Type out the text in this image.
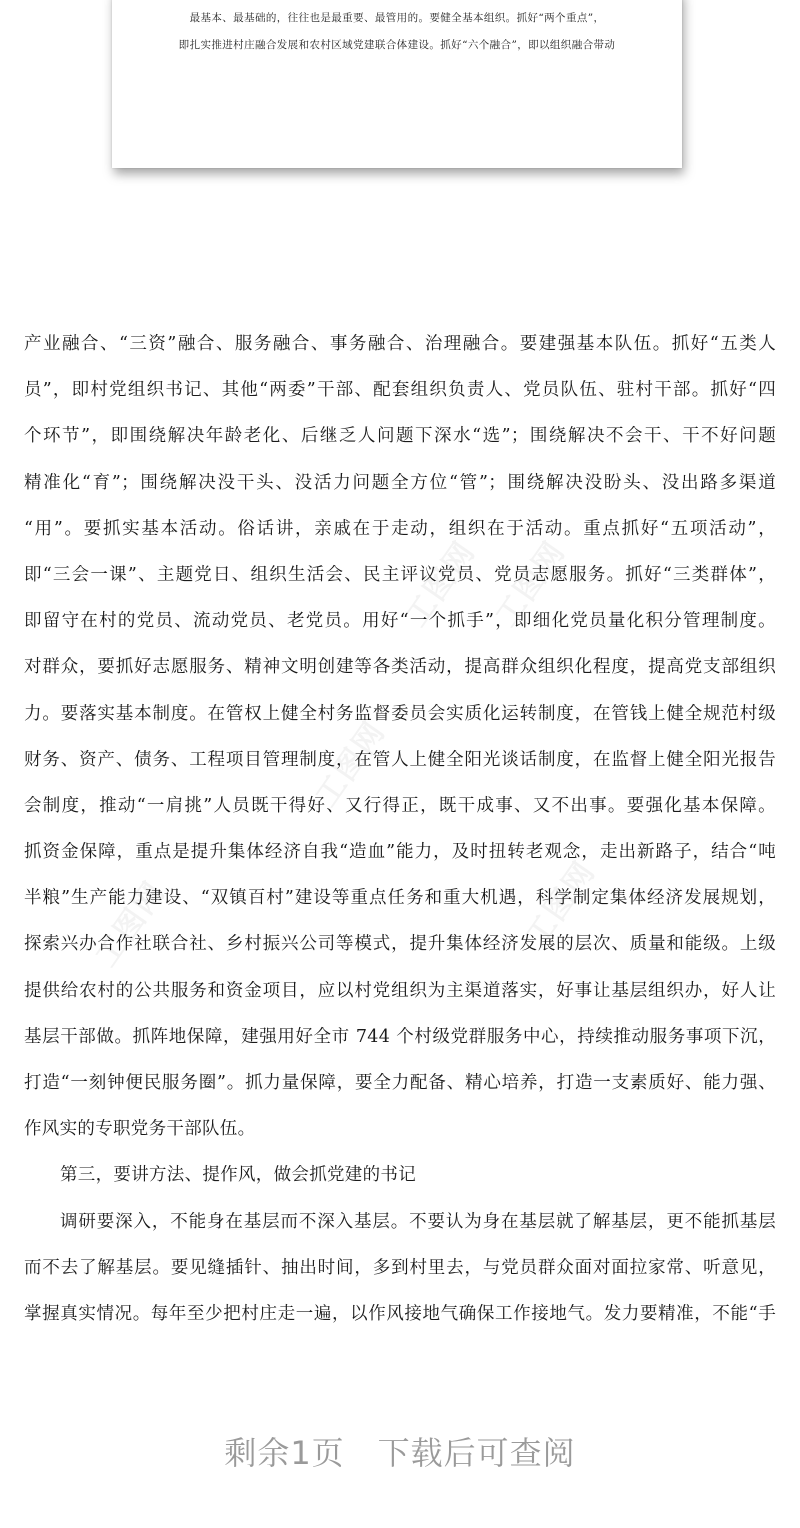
最基本、最基础的，往往也是最重要、最管用的。要健全基本组织。抓好“两个重点”，
即扎实推进村庄融合发展和农村区域党建联合体建设。抓好“六个融合”，即以组织融合带动
工图网 工图网
工图网
工图网	工图网
产业融合、“三资”融合、服务融合、事务融合、治理融合。要建强基本队伍。抓好“五类人
员”，即村党组织书记、其他“两委”干部、配套组织负责人、党员队伍、驻村干部。抓好“四
个环节”，即围绕解决年龄老化、后继乏人问题下深水“选”；围绕解决不会干、干不好问题
精准化“育”；围绕解决没干头、没活力问题全方位“管”；围绕解决没盼头、没出路多渠道
“用”。要抓实基本活动。俗话讲，亲戚在于走动，组织在于活动。重点抓好“五项活动”，
即“三会一课”、主题党日、组织生活会、民主评议党员、党员志愿服务。抓好“三类群体”，
即留守在村的党员、流动党员、老党员。用好“一个抓手”，即细化党员量化积分管理制度。
对群众，要抓好志愿服务、精神文明创建等各类活动，提高群众组织化程度，提高党支部组织
力。要落实基本制度。在管权上健全村务监督委员会实质化运转制度，在管钱上健全规范村级
财务、资产、债务、工程项目管理制度，在管人上健全阳光谈话制度，在监督上健全阳光报告
会制度，推动“一肩挑”人员既干得好、又行得正，既干成事、又不出事。要强化基本保障。
抓资金保障，重点是提升集体经济自我“造血”能力，及时扭转老观念，走出新路子，结合“吨
半粮”生产能力建设、“双镇百村”建设等重点任务和重大机遇，科学制定集体经济发展规划，
探索兴办合作社联合社、乡村振兴公司等模式，提升集体经济发展的层次、质量和能级。上级
提供给农村的公共服务和资金项目，应以村党组织为主渠道落实，好事让基层组织办，好人让
基层干部做。抓阵地保障，建强用好全市 744 个村级党群服务中心，持续推动服务事项下沉，
打造“一刻钟便民服务圈”。抓力量保障，要全力配备、精心培养，打造一支素质好、能力强、
作风实的专职党务干部队伍。
第三，要讲方法、提作风，做会抓党建的书记
调研要深入，不能身在基层而不深入基层。不要认为身在基层就了解基层，更不能抓基层
而不去了解基层。要见缝插针、抽出时间，多到村里去，与党员群众面对面拉家常、听意见，
掌握真实情况。每年至少把村庄走一遍，以作风接地气确保工作接地气。发力要精准，不能“手
剩余1页　下载后可查阅
